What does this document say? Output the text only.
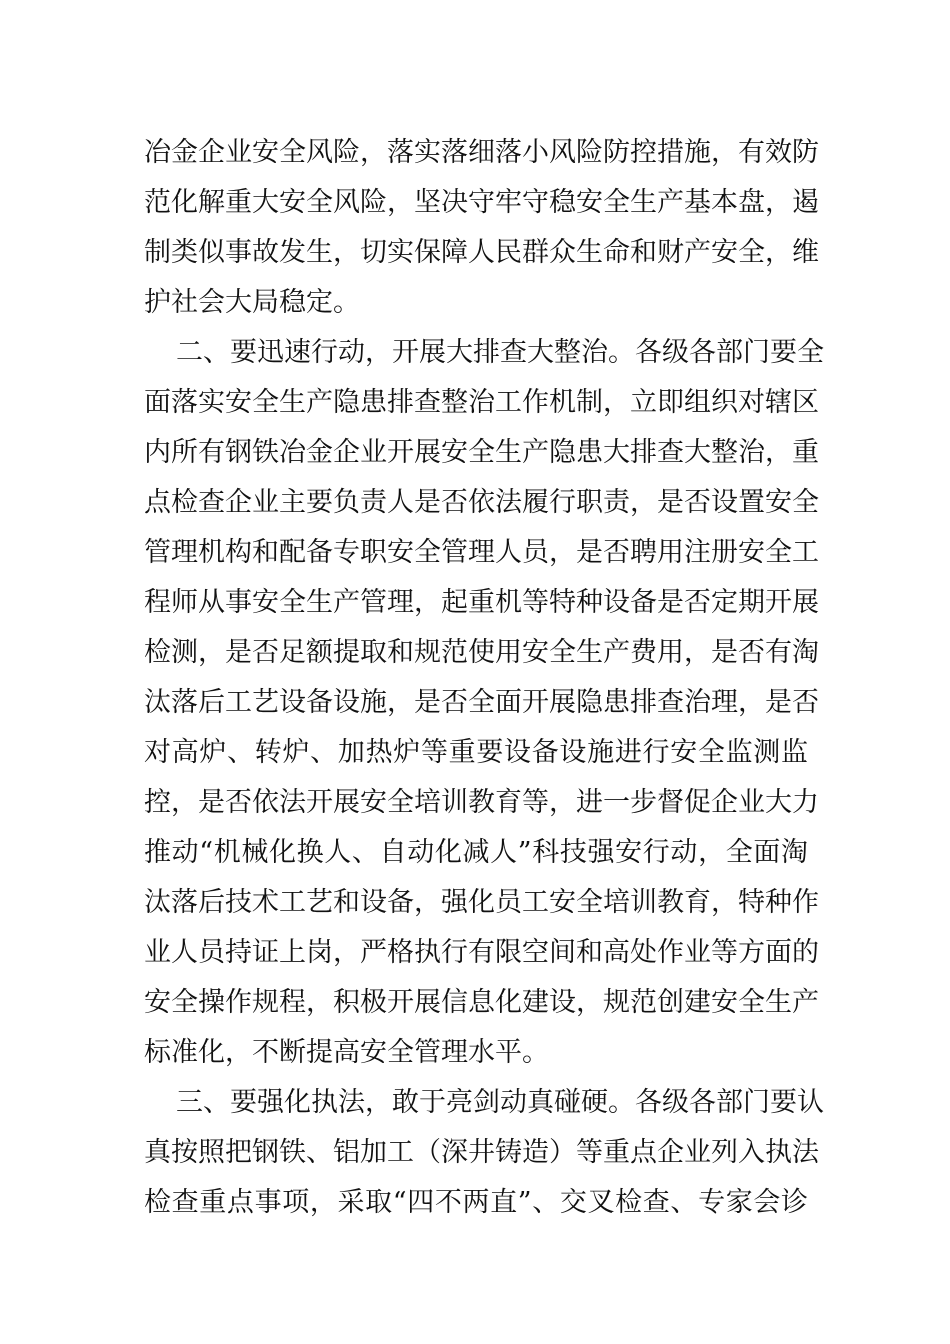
冶金企业安全风险，落实落细落小风险防控措施，有效防
范化解重大安全风险，坚决守牢守稳安全生产基本盘，遏
制类似事故发生，切实保障人民群众生命和财产安全，维
护社会大局稳定。
二、要迅速行动，开展大排查大整治。各级各部门要全
面落实安全生产隐患排查整治工作机制，立即组织对辖区
内所有钢铁冶金企业开展安全生产隐患大排查大整治，重
点检查企业主要负责人是否依法履行职责，是否设置安全
管理机构和配备专职安全管理人员，是否聘用注册安全工
程师从事安全生产管理，起重机等特种设备是否定期开展
检测，是否足额提取和规范使用安全生产费用，是否有淘
汰落后工艺设备设施，是否全面开展隐患排查治理，是否
对高炉、转炉、加热炉等重要设备设施进行安全监测监
控，是否依法开展安全培训教育等，进一步督促企业大力
推动“机械化换人、自动化减人”科技强安行动，全面淘
汰落后技术工艺和设备，强化员工安全培训教育，特种作
业人员持证上岗，严格执行有限空间和高处作业等方面的
安全操作规程，积极开展信息化建设，规范创建安全生产
标准化，不断提高安全管理水平。
三、要强化执法，敢于亮剑动真碰硬。各级各部门要认
真按照把钢铁、铝加工（深井铸造）等重点企业列入执法
检查重点事项，采取“四不两直”、交叉检查、专家会诊
